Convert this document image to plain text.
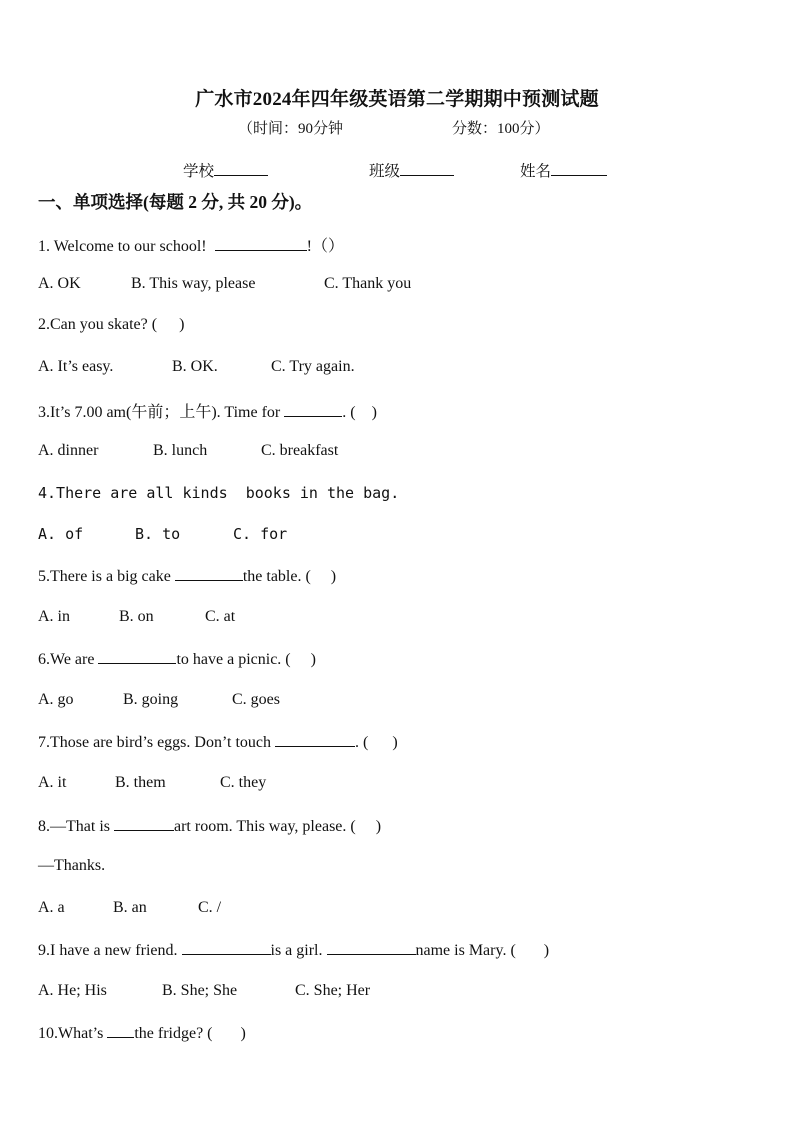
广水市2024年四年级英语第二学期期中预测试题
（时间：90分钟	分数：100分）
学校	班级	姓名
一、单项选择(每题 2 分, 共 20 分)。
1. Welcome to our school!	!（）
A. OK	B. This way, please	C. Thank you
2.Can you skate? ( )
A. It’s easy.	B. OK.	C. Try again.
3.It’s 7.00 am(午前；上午). Time for	. (    )
A. dinner	B. lunch	C. breakfast
4.There are all kinds  books in the bag.
A. of	B. to	C. for
5.There is a big cake	the table. (     )
A. in	B. on	C. at
6.We are	to have a picnic. (     )
A. go	B. going	C. goes
7.Those are bird’s eggs. Don’t touch	. (      )
A. it	B. them	C. they
8.—That is	art room. This way, please. (     )
—Thanks.
A. a	B. an	C. /
9.I have a new friend.	is a girl.	name is Mary. (       )
A. He; His	B. She; She	C. She; Her
10.What’s the fridge? (       )
